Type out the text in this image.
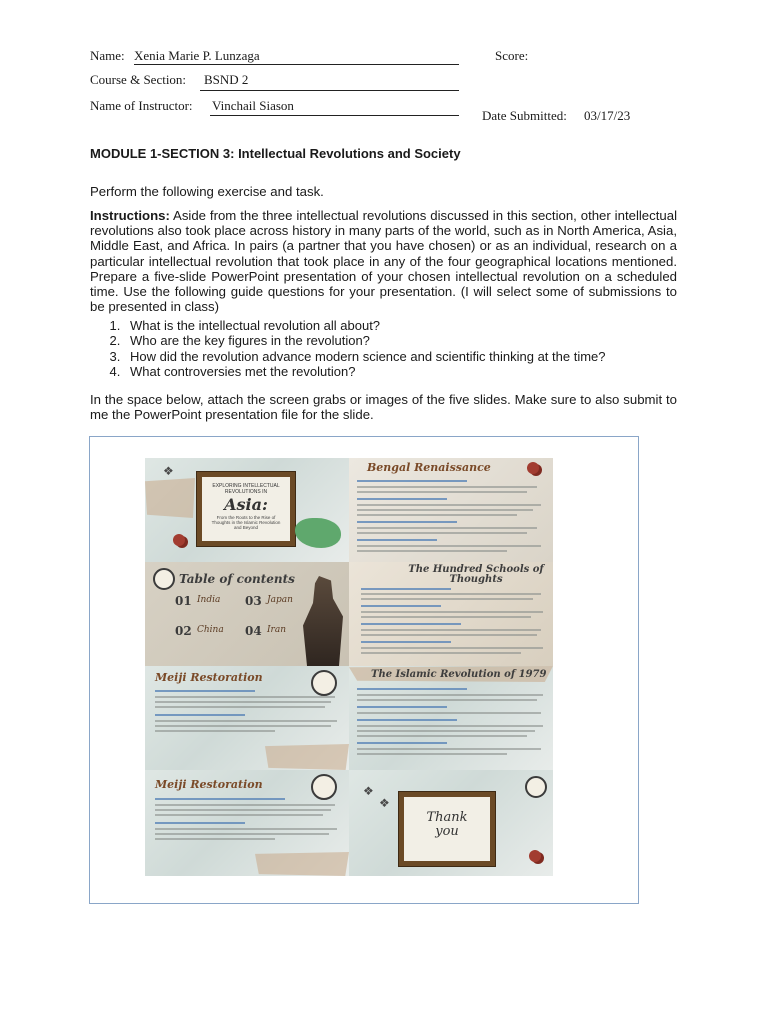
Name: Xenia Marie P. Lunzaga	Score:
Course & Section: BSND 2
Name of Instructor: Vinchail Siason
Date Submitted: 03/17/23
MODULE 1-SECTION 3: Intellectual Revolutions and Society
Perform the following exercise and task.
Instructions: Aside from the three intellectual revolutions discussed in this section, other intellectual revolutions also took place across history in many parts of the world, such as in North America, Asia, Middle East, and Africa. In pairs (a partner that you have chosen) or as an individual, research on a particular intellectual revolution that took place in any of the four geographical locations mentioned. Prepare a five-slide PowerPoint presentation of your chosen intellectual revolution on a scheduled time. Use the following guide questions for your presentation. (I will select some of submissions to be presented in class)
1. What is the intellectual revolution all about?
2. Who are the key figures in the revolution?
3. How did the revolution advance modern science and scientific thinking at the time?
4. What controversies met the revolution?
In the space below, attach the screen grabs or images of the five slides. Make sure to also submit to me the PowerPoint presentation file for the slide.
❖
EXPLORING INTELLECTUAL REVOLUTIONS IN
Asia:
From the Roots to the Rise of Thoughts in the Islamic Revolution and Beyond
Bengal Renaissance
Table of contents
01 India 03 Japan
02 China 04 Iran
The Hundred Schools of Thoughts
Meiji Restoration	The Islamic Revolution of 1979
Meiji Restoration	❖
❖
Thank you
